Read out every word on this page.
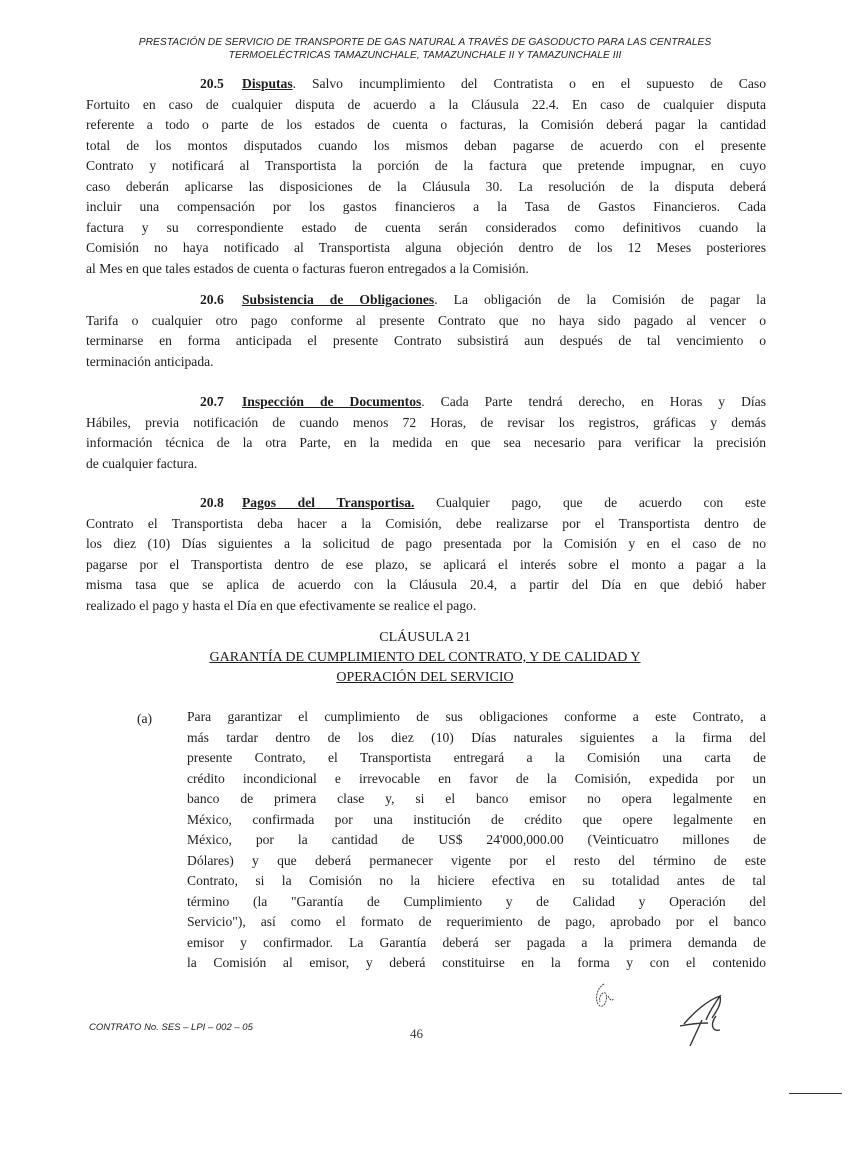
PRESTACIÓN DE SERVICIO DE TRANSPORTE DE GAS NATURAL A TRAVÉS DE GASODUCTO PARA LAS CENTRALES
TERMOELÉCTRICAS TAMAZUNCHALE, TAMAZUNCHALE II Y TAMAZUNCHALE III
20.5 Disputas. Salvo incumplimiento del Contratista o en el supuesto de Caso
Fortuito en caso de cualquier disputa de acuerdo a la Cláusula 22.4. En caso de cualquier disputa
referente a todo o parte de los estados de cuenta o facturas, la Comisión deberá pagar la cantidad
total de los montos disputados cuando los mismos deban pagarse de acuerdo con el presente
Contrato y notificará al Transportista la porción de la factura que pretende impugnar, en cuyo
caso deberán aplicarse las disposiciones de la Cláusula 30. La resolución de la disputa deberá
incluir una compensación por los gastos financieros a la Tasa de Gastos Financieros. Cada
factura y su correspondiente estado de cuenta serán considerados como definitivos cuando la
Comisión no haya notificado al Transportista alguna objeción dentro de los 12 Meses posteriores
al Mes en que tales estados de cuenta o facturas fueron entregados a la Comisión.
20.6 Subsistencia de Obligaciones. La obligación de la Comisión de pagar la
Tarifa o cualquier otro pago conforme al presente Contrato que no haya sido pagado al vencer o
terminarse en forma anticipada el presente Contrato subsistirá aun después de tal vencimiento o
terminación anticipada.
20.7 Inspección de Documentos. Cada Parte tendrá derecho, en Horas y Días
Hábiles, previa notificación de cuando menos 72 Horas, de revisar los registros, gráficas y demás
información técnica de la otra Parte, en la medida en que sea necesario para verificar la precisión
de cualquier factura.
20.8 Pagos del Transportisa. Cualquier pago, que de acuerdo con este
Contrato el Transportista deba hacer a la Comisión, debe realizarse por el Transportista dentro de
los diez (10) Días siguientes a la solicitud de pago presentada por la Comisión y en el caso de no
pagarse por el Transportista dentro de ese plazo, se aplicará el interés sobre el monto a pagar a la
misma tasa que se aplica de acuerdo con la Cláusula 20.4, a partir del Día en que debió haber
realizado el pago y hasta el Día en que efectivamente se realice el pago.
CLÁUSULA 21
GARANTÍA DE CUMPLIMIENTO DEL CONTRATO, Y DE CALIDAD Y
OPERACIÓN DEL SERVICIO
(a)	Para garantizar el cumplimiento de sus obligaciones conforme a este Contrato, a
más tardar dentro de los diez (10) Días naturales siguientes a la firma del
presente Contrato, el Transportista entregará a la Comisión una carta de
crédito incondicional e irrevocable en favor de la Comisión, expedida por un
banco de primera clase y, si el banco emisor no opera legalmente en
México, confirmada por una institución de crédito que opere legalmente en
México, por la cantidad de US$ 24'000,000.00 (Veinticuatro millones de
Dólares) y que deberá permanecer vigente por el resto del término de este
Contrato, si la Comisión no la hiciere efectiva en su totalidad antes de tal
término (la "Garantía de Cumplimiento y de Calidad y Operación del
Servicio"), así como el formato de requerimiento de pago, aprobado por el banco
emisor y confirmador. La Garantía deberá ser pagada a la primera demanda de
la Comisión al emisor, y deberá constituirse en la forma y con el contenido
CONTRATO No. SES – LPI – 002 – 05	46
